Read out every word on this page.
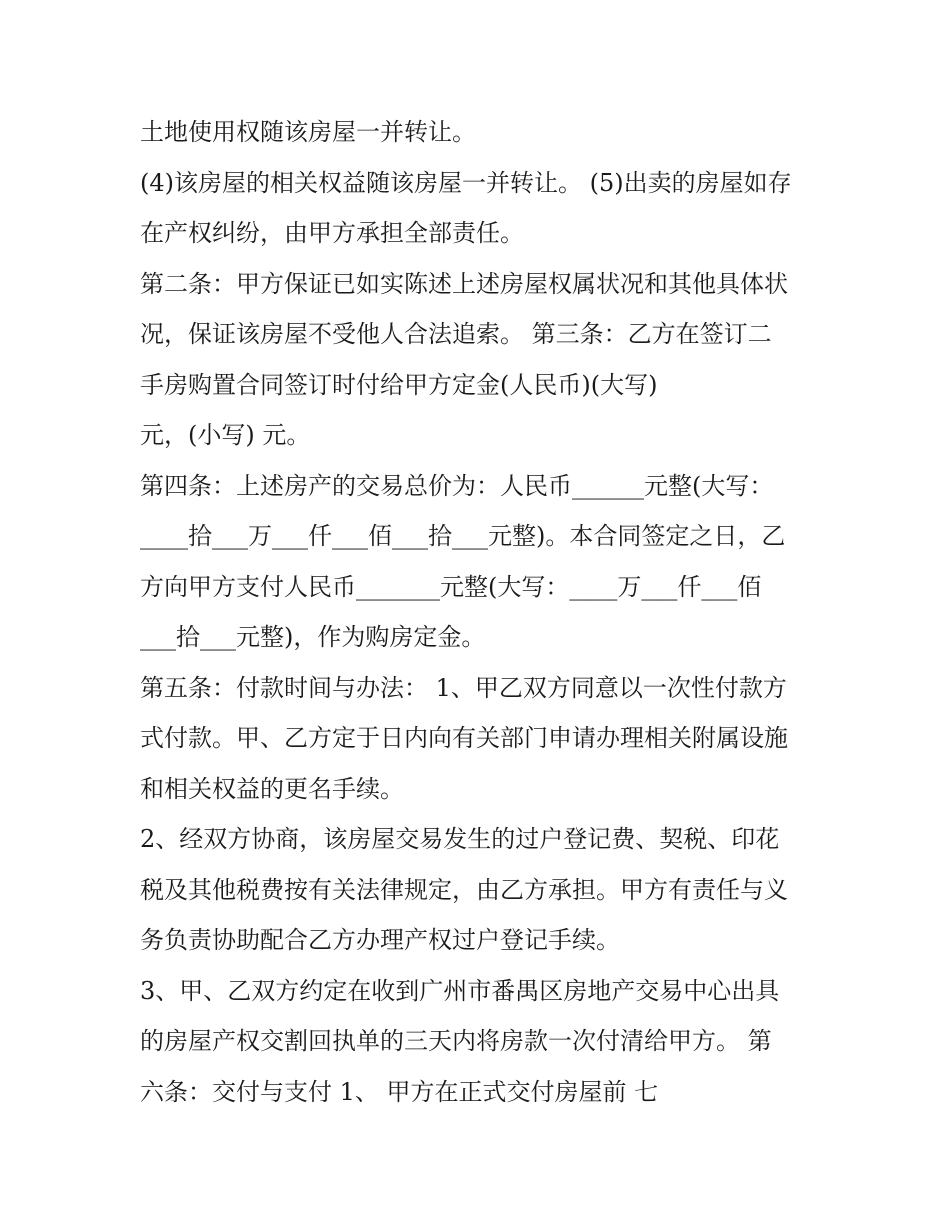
土地使用权随该房屋一并转让。
(4)该房屋的相关权益随该房屋一并转让。 (5)出卖的房屋如存
在产权纠纷，由甲方承担全部责任。
第二条：甲方保证已如实陈述上述房屋权属状况和其他具体状
况，保证该房屋不受他人合法追索。 第三条：乙方在签订二
手房购置合同签订时付给甲方定金(人民币)(大写)
元，(小写) 元。
第四条：上述房产的交易总价为：人民币______元整(大写：
____拾___万___仟___佰___拾___元整)。本合同签定之日，乙
方向甲方支付人民币_______元整(大写：____万___仟___佰
___拾___元整)，作为购房定金。
第五条：付款时间与办法： 1、甲乙双方同意以一次性付款方
式付款。甲、乙方定于日内向有关部门申请办理相关附属设施
和相关权益的更名手续。
2、经双方协商，该房屋交易发生的过户登记费、契税、印花
税及其他税费按有关法律规定，由乙方承担。甲方有责任与义
务负责协助配合乙方办理产权过户登记手续。
3、甲、乙双方约定在收到广州市番禺区房地产交易中心出具
的房屋产权交割回执单的三天内将房款一次付清给甲方。 第
六条：交付与支付 1、 甲方在正式交付房屋前 七
